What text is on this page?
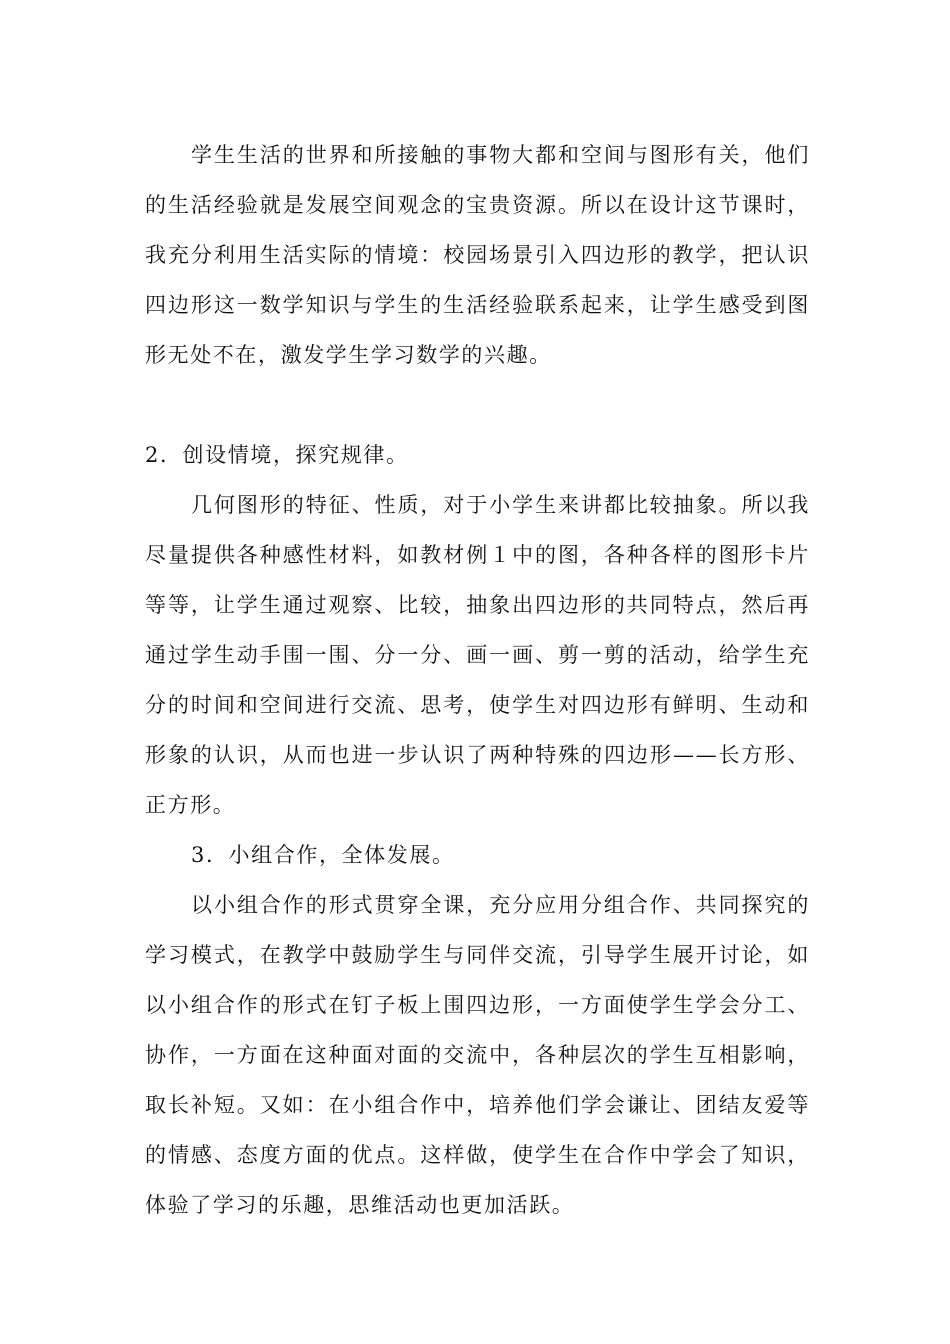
学生生活的世界和所接触的事物大都和空间与图形有关，他们的生活经验就是发展空间观念的宝贵资源。所以在设计这节课时，我充分利用生活实际的情境：校园场景引入四边形的教学，把认识四边形这一数学知识与学生的生活经验联系起来，让学生感受到图形无处不在，激发学生学习数学的兴趣。

2．创设情境，探究规律。

几何图形的特征、性质，对于小学生来讲都比较抽象。所以我尽量提供各种感性材料，如教材例１中的图，各种各样的图形卡片等等，让学生通过观察、比较，抽象出四边形的共同特点，然后再通过学生动手围一围、分一分、画一画、剪一剪的活动，给学生充分的时间和空间进行交流、思考，使学生对四边形有鲜明、生动和形象的认识，从而也进一步认识了两种特殊的四边形——长方形、正方形。

3．小组合作，全体发展。

以小组合作的形式贯穿全课，充分应用分组合作、共同探究的学习模式，在教学中鼓励学生与同伴交流，引导学生展开讨论，如以小组合作的形式在钉子板上围四边形，一方面使学生学会分工、协作，一方面在这种面对面的交流中，各种层次的学生互相影响，取长补短。又如：在小组合作中，培养他们学会谦让、团结友爱等的情感、态度方面的优点。这样做，使学生在合作中学会了知识，体验了学习的乐趣，思维活动也更加活跃。
